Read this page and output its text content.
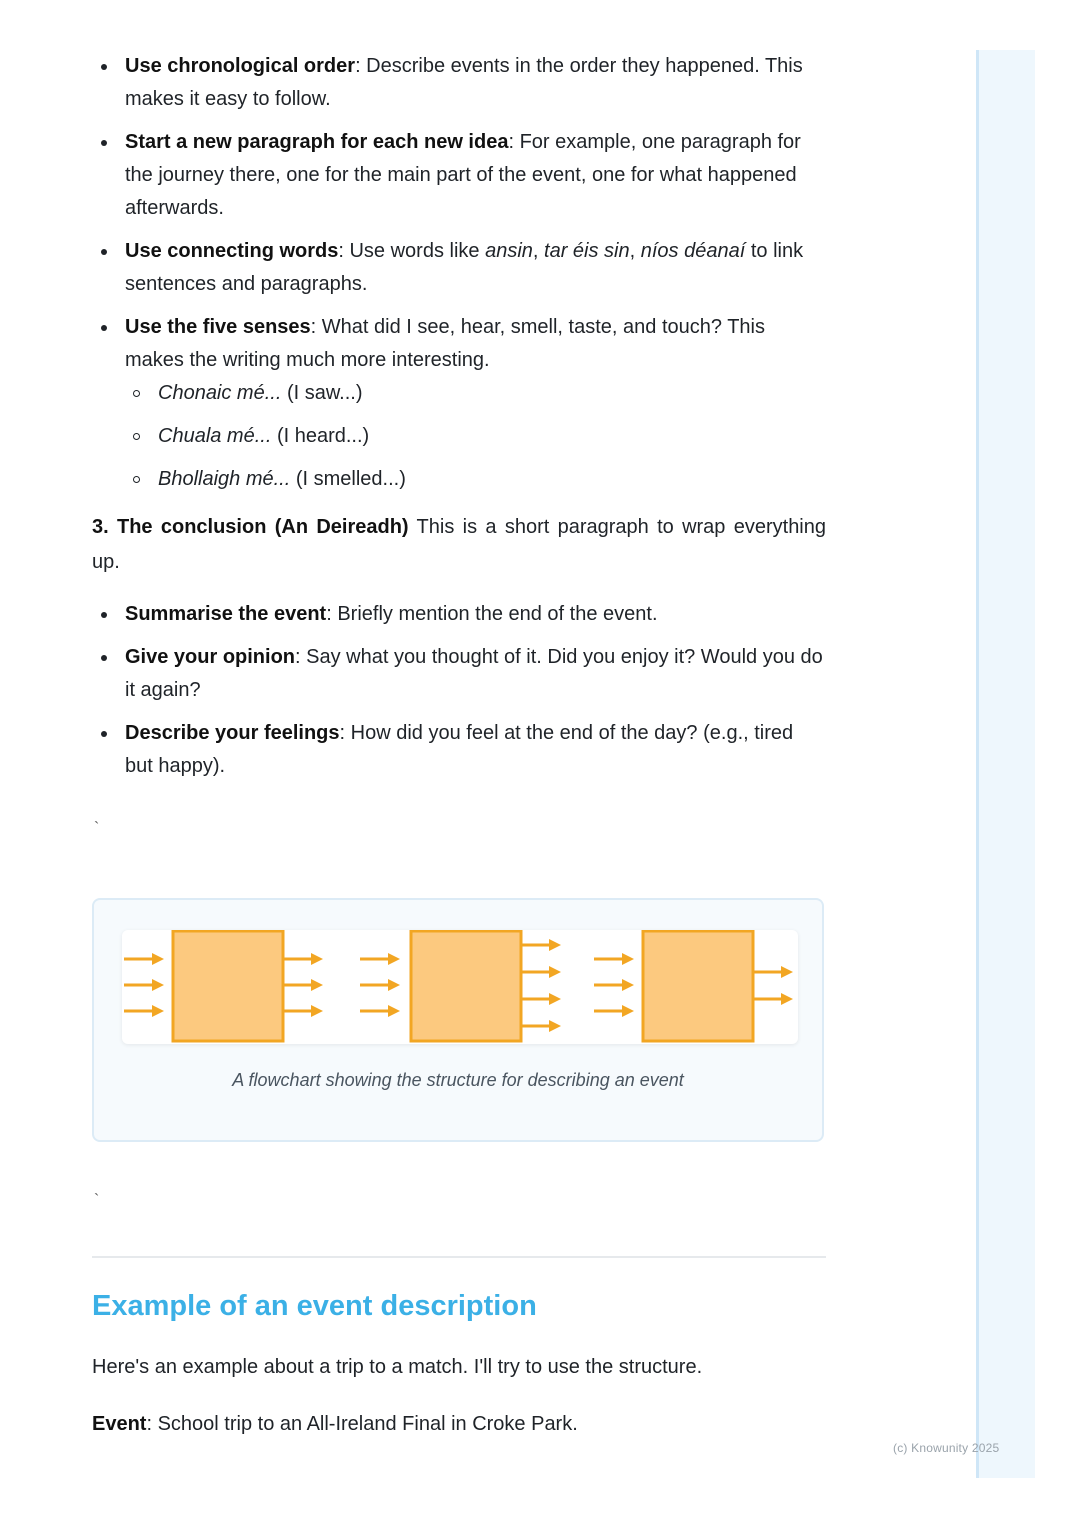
Use chronological order: Describe events in the order they happened. This makes it easy to follow.
Start a new paragraph for each new idea: For example, one paragraph for the journey there, one for the main part of the event, one for what happened afterwards.
Use connecting words: Use words like ansin, tar éis sin, níos déanaí to link sentences and paragraphs.
Use the five senses: What did I see, hear, smell, taste, and touch? This makes the writing much more interesting.
Chonaic mé... (I saw...)
Chuala mé... (I heard...)
Bhollaigh mé... (I smelled...)

3. The conclusion (An Deireadh) This is a short paragraph to wrap everything up.

Summarise the event: Briefly mention the end of the event.
Give your opinion: Say what you thought of it. Did you enjoy it? Would you do it again?
Describe your feelings: How did you feel at the end of the day? (e.g., tired but happy).
`
A flowchart showing the structure for describing an event
`
Example of an event description
Here's an example about a trip to a match. I'll try to use the structure.
Event: School trip to an All-Ireland Final in Croke Park.
(c) Knowunity 2025
